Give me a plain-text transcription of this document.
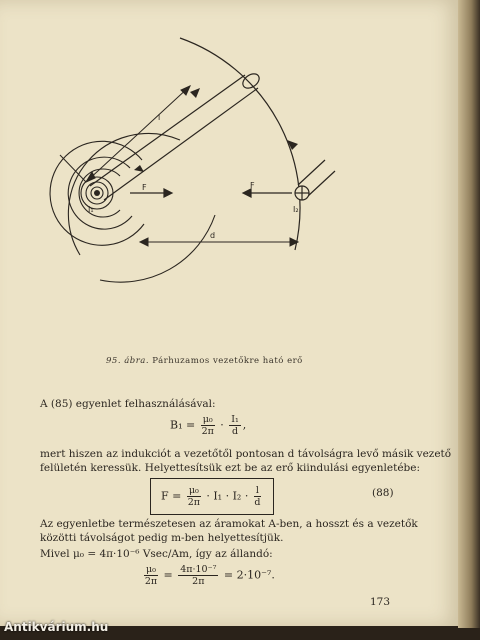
I₁	I₂
F	F
d
l
95. ábra. Párhuzamos vezetőkre ható erő
A (85) egyenlet felhasználásával:
$B_1 = \frac{\text{μ₀}}{2\pi} \cdot \frac{\text{I₁}}{d}$ ,
mert hiszen az indukciót a vezetőtől pontosan d távolságra levő másik vezető
felületén keressük. Helyettesítsük ezt be az erő kiindulási egyenletébe:
$F = \frac{\text{μ₀}}{2\pi} \cdot I_1 \cdot I_2 \cdot \frac{l}{d}$	(88)
Az egyenletbe természetesen az áramokat A-ben, a hosszt és a vezetők
közötti távolságot pedig m-ben helyettesítjük.
Mivel μ₀ = 4π·10⁻⁶ Vsec/Am, így az állandó:
$\frac{\text{μ₀}}{2\pi} = \frac{\text{4π·10⁻⁷}}{2\pi} = 2\cdot 10^{-7}$.
173
Antikvárium.hu
